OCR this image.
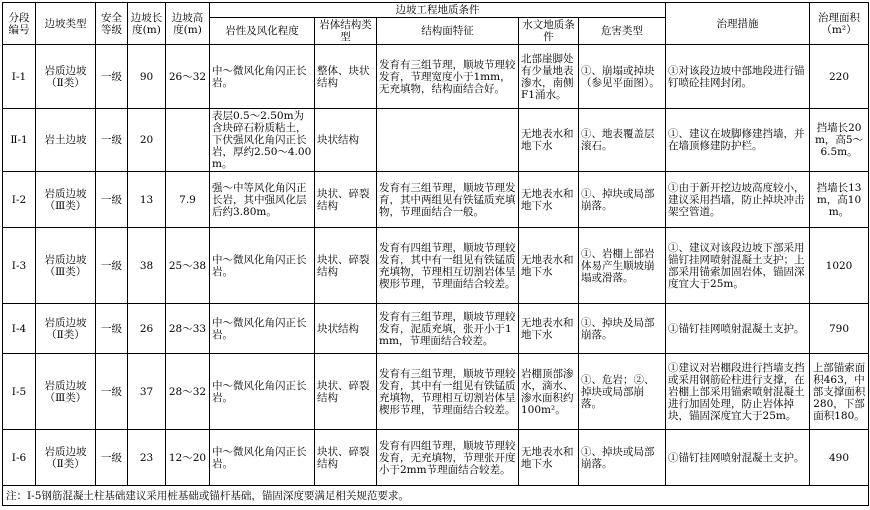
分段编号	边坡类型	安全等级	边坡长度(m)	边坡高度(m)	边坡工程地质条件					治理措施	治理面积（m²）
					岩性及风化程度	岩体结构类型	结构面特征	水文地质条件	危害类型		
Ⅰ-1	岩质边坡（Ⅱ类）	一级	90	26～32	中～微风化角闪正长岩。	整体、块状结构	发育有三组节理，顺坡节理较发育，节理宽度小于1mm，无充填物，结构面结合好。	北部崖脚处有少量地表渗水，南侧 F1涌水。	①、崩塌或掉块（参见平面图）。	①对该段边坡中部地段进行锚钉喷砼挂网封闭。	220
Ⅱ-1	岩土边坡	一级	20		表层0.5～2.50m为含块碎石粉质粘土，下伏强风化角闪正长岩，厚约2.50～4.00m。	块状结构		无地表水和地下水	①、地表覆盖层滚石。	①、建议在坡脚修建挡墙，并在墙顶修建防护栏。	挡墙长20m，高5～6.5m。
Ⅰ-2	岩质边坡（Ⅲ类）	一级	13	7.9	强～中等风化角闪正长岩，其中强风化层后约3.80m。	块状、碎裂结构	发育有三组节理，顺坡节理发育，其中两组见有铁锰质充填物，节理面结合一般。	无地表水和地下水	①、掉块或局部崩落。	①由于新开挖边坡高度较小，建议采用挡墙，防止掉块冲击架空管道。	挡墙长13m，高10m。
Ⅰ-3	岩质边坡（Ⅲ类）	一级	38	25～38	中～微风化角闪正长岩。	块状、碎裂结构	发育有四组节理，顺坡节理较发育，其中有一组见有铁锰质充填物，节理相互切割岩体呈楔形节理，节理面结合较差。	无地表水和地下水	①、岩棚上部岩体易产生顺坡崩塌或滑落。	①、建议对该段边坡下部采用锚钉挂网喷射混凝土支护；上部采用锚索加固岩体，锚固深度宜大于25m。	1020
Ⅰ-4	岩质边坡（Ⅱ类）	一级	26	28～33	中～微风化角闪正长岩。	块状结构	发育有三组节理，顺坡节理较发育，泥质充填，张开小于1mm，节理面结合较差。	无地表水和地下水	①、掉块及局部崩落。	①锚钉挂网喷射混凝土支护。	790
Ⅰ-5	岩质边坡（Ⅲ类）	一级	37	28～32	中～微风化角闪正长岩。	块状、碎裂结构	发育有三组节理，顺坡节理较发育，其中有一组见有铁锰质充填物，节理相互切割岩体呈楔形节理，节理面结合较差。	岩棚顶部渗水，滴水、渗水面积约100m²。	①、危岩；②、掉块或局部崩落。	①建议对岩棚段进行挡墙支挡或采用钢筋砼柱进行支撑，在岩棚上部采用锚索喷射混凝土进行加固处理，防止岩体掉块，锚固深度宜大于25m。	上部锚索面积463，中部支撑面积280，下部面积180。
Ⅰ-6	岩质边坡（Ⅱ类）	一级	23	12～20	中～微风化角闪正长岩。	块状、碎裂结构	发育有四组节理，顺坡节理较发育，无充填物，节理张开度小于2mm节理面结合较差。	无地表水和地下水	①、掉块或局部崩落。	①锚钉挂网喷射混凝土支护。	490
注：Ⅰ-5钢筋混凝土柱基础建议采用桩基础或锚杆基础，锚固深度要满足相关规范要求。											
